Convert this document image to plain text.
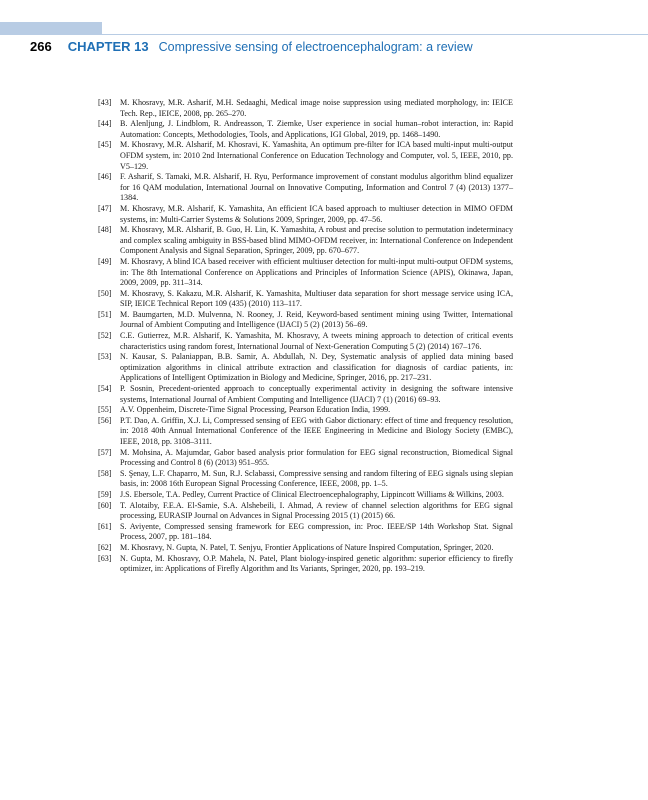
266 CHAPTER 13 Compressive sensing of electroencephalogram: a review
[43] M. Khosravy, M.R. Asharif, M.H. Sedaaghi, Medical image noise suppression using mediated morphology, in: IEICE Tech. Rep., IEICE, 2008, pp. 265–270.
[44] B. Alenljung, J. Lindblom, R. Andreasson, T. Ziemke, User experience in social human–robot interaction, in: Rapid Automation: Concepts, Methodologies, Tools, and Applications, IGI Global, 2019, pp. 1468–1490.
[45] M. Khosravy, M.R. Alsharif, M. Khosravi, K. Yamashita, An optimum pre-filter for ICA based multi-input multi-output OFDM system, in: 2010 2nd International Conference on Education Technology and Computer, vol. 5, IEEE, 2010, pp. V5–129.
[46] F. Asharif, S. Tamaki, M.R. Alsharif, H. Ryu, Performance improvement of constant modulus algorithm blind equalizer for 16 QAM modulation, International Journal on Innovative Computing, Information and Control 7 (4) (2013) 1377–1384.
[47] M. Khosravy, M.R. Alsharif, K. Yamashita, An efficient ICA based approach to multiuser detection in MIMO OFDM systems, in: Multi-Carrier Systems & Solutions 2009, Springer, 2009, pp. 47–56.
[48] M. Khosravy, M.R. Alsharif, B. Guo, H. Lin, K. Yamashita, A robust and precise solution to permutation indeterminacy and complex scaling ambiguity in BSS-based blind MIMO-OFDM receiver, in: International Conference on Independent Component Analysis and Signal Separation, Springer, 2009, pp. 670–677.
[49] M. Khosravy, A blind ICA based receiver with efficient multiuser detection for multi-input multi-output OFDM systems, in: The 8th International Conference on Applications and Principles of Information Science (APIS), Okinawa, Japan, 2009, 2009, pp. 311–314.
[50] M. Khosravy, S. Kakazu, M.R. Alsharif, K. Yamashita, Multiuser data separation for short message service using ICA, SIP, IEICE Technical Report 109 (435) (2010) 113–117.
[51] M. Baumgarten, M.D. Mulvenna, N. Rooney, J. Reid, Keyword-based sentiment mining using Twitter, International Journal of Ambient Computing and Intelligence (IJACI) 5 (2) (2013) 56–69.
[52] C.E. Gutierrez, M.R. Alsharif, K. Yamashita, M. Khosravy, A tweets mining approach to detection of critical events characteristics using random forest, International Journal of Next-Generation Computing 5 (2) (2014) 167–176.
[53] N. Kausar, S. Palaniappan, B.B. Samir, A. Abdullah, N. Dey, Systematic analysis of applied data mining based optimization algorithms in clinical attribute extraction and classification for diagnosis of cardiac patients, in: Applications of Intelligent Optimization in Biology and Medicine, Springer, 2016, pp. 217–231.
[54] P. Sosnin, Precedent-oriented approach to conceptually experimental activity in designing the software intensive systems, International Journal of Ambient Computing and Intelligence (IJACI) 7 (1) (2016) 69–93.
[55] A.V. Oppenheim, Discrete-Time Signal Processing, Pearson Education India, 1999.
[56] P.T. Dao, A. Griffin, X.J. Li, Compressed sensing of EEG with Gabor dictionary: effect of time and frequency resolution, in: 2018 40th Annual International Conference of the IEEE Engineering in Medicine and Biology Society (EMBC), IEEE, 2018, pp. 3108–3111.
[57] M. Mohsina, A. Majumdar, Gabor based analysis prior formulation for EEG signal reconstruction, Biomedical Signal Processing and Control 8 (6) (2013) 951–955.
[58] S. Şenay, L.F. Chaparro, M. Sun, R.J. Sclabassi, Compressive sensing and random filtering of EEG signals using slepian basis, in: 2008 16th European Signal Processing Conference, IEEE, 2008, pp. 1–5.
[59] J.S. Ebersole, T.A. Pedley, Current Practice of Clinical Electroencephalography, Lippincott Williams & Wilkins, 2003.
[60] T. Alotaiby, F.E.A. El-Samie, S.A. Alshebeili, I. Ahmad, A review of channel selection algorithms for EEG signal processing, EURASIP Journal on Advances in Signal Processing 2015 (1) (2015) 66.
[61] S. Aviyente, Compressed sensing framework for EEG compression, in: Proc. IEEE/SP 14th Workshop Stat. Signal Process, 2007, pp. 181–184.
[62] M. Khosravy, N. Gupta, N. Patel, T. Senjyu, Frontier Applications of Nature Inspired Computation, Springer, 2020.
[63] N. Gupta, M. Khosravy, O.P. Mahela, N. Patel, Plant biology-inspired genetic algorithm: superior efficiency to firefly optimizer, in: Applications of Firefly Algorithm and Its Variants, Springer, 2020, pp. 193–219.
